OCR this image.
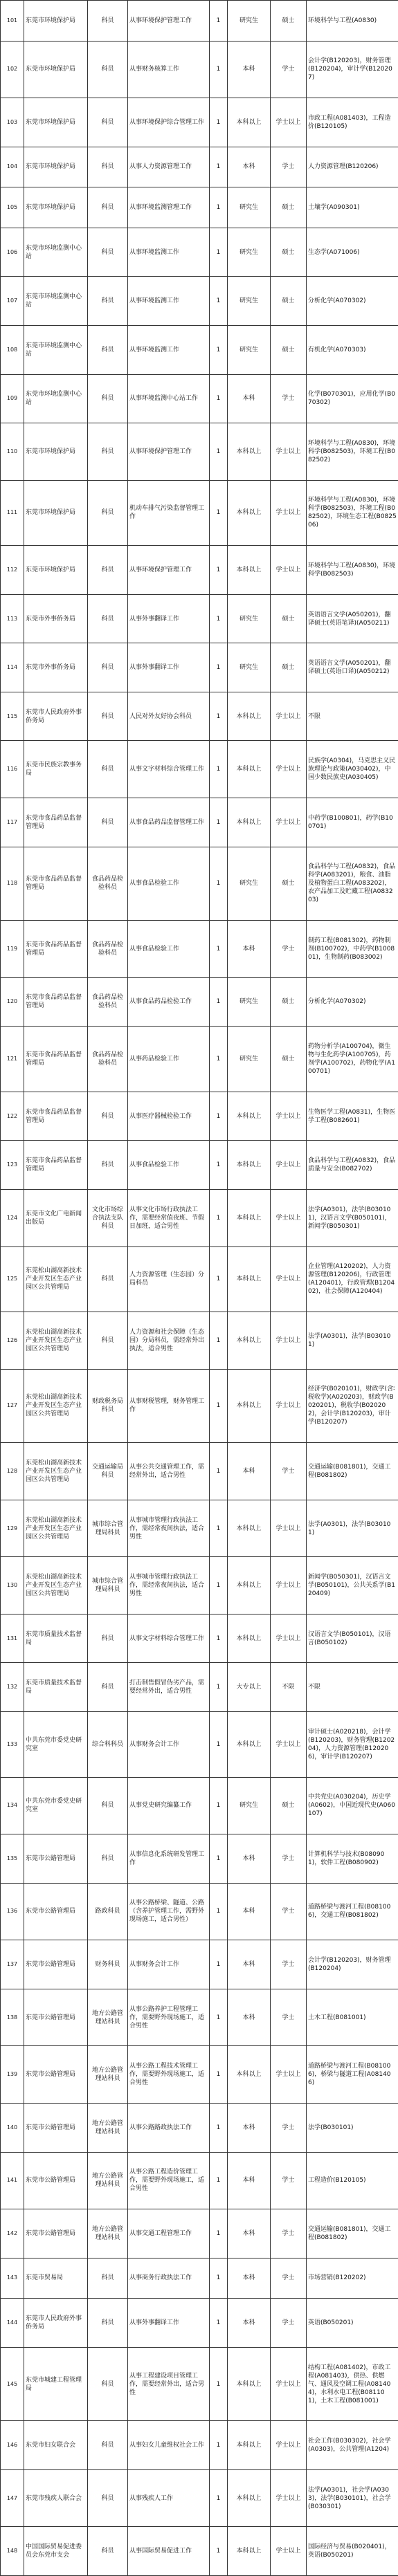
101	东莞市环境保护局	科员	从事环境保护管理工作	1	研究生	硕士	环境科学与工程(A0830)
102	东莞市环境保护局	科员	从事财务核算工作	1	本科	学士	会计学(B120203)，财务管理(B120204)，审计学(B120207)
103	东莞市环境保护局	科员	从事环境保护综合管理工作	1	本科以上	学士以上	市政工程(A081403)，工程造价(B120105)
104	东莞市环境保护局	科员	从事人力资源管理工作	1	本科	学士	人力资源管理(B120206)
105	东莞市环境保护局	科员	从事环境监测管理工作	1	研究生	硕士	土壤学(A090301)
106	东莞市环境监测中心站	科员	从事环境监测工作	1	研究生	硕士	生态学(A071006)
107	东莞市环境监测中心站	科员	从事环境监测工作	1	研究生	硕士	分析化学(A070302)
108	东莞市环境监测中心站	科员	从事环境监测工作	1	研究生	硕士	有机化学(A070303)
109	东莞市环境监测中心站	科员	从事环境监测中心站工作	1	本科	学士	化学(B070301)，应用化学(B070302)
110	东莞市环境保护局	科员	从事环境保护管理工作	1	本科以上	学士以上	环境科学与工程(A0830)，环境科学(B082503)，环境工程(B082502)
111	东莞市环境保护局	科员	机动车排气污染监督管理工作	1	本科以上	学士以上	环境科学与工程(A0830)，环境科学(B082503)，环境工程(B082502)，环境生态工程(B082506)
112	东莞市环境保护局	科员	从事环境保护管理工作	1	本科以上	学士以上	环境科学与工程(A0830)，环境科学(B082503)
113	东莞市外事侨务局	科员	从事外事翻译工作	1	研究生	硕士	英语语言文学(A050201)，翻译硕士(英语笔译)(A050211)
114	东莞市外事侨务局	科员	从事外事翻译工作	1	研究生	硕士	英语语言文学(A050201)，翻译硕士(英语口译)(A050212)
115	东莞市人民政府外事侨务局	科员	人民对外友好协会科员	1	本科以上	学士以上	不限
116	东莞市民族宗教事务局	科员	从事文字材料综合管理工作	1	本科以上	学士以上	民族学(A0304)，马克思主义民族理论与政策(A030402)，中国少数民族史(A030405)
117	东莞市食品药品监督管理局	科员	从事食品药品监督管理工作	1	本科以上	学士以上	中药学(B100801)，药学(B100701)
118	东莞市食品药品监督管理局	食品药品检验科员	从事食品检验工作	1	研究生	硕士	食品科学与工程(A0832)，食品科学(A083201)，粮食、油脂及植物蛋白工程(A083202)，农产品加工及贮藏工程(A083203)
119	东莞市食品药品监督管理局	食品药品检验科员	从事食品检验工作	1	本科	学士	制药工程(B081302)，药物制剂(B100702)，中药学(B100801)，生物制药(B083002)
120	东莞市食品药品监督管理局	食品药品检验科员	从事食品药品检验工作	1	研究生	硕士	分析化学(A070302)
121	东莞市食品药品监督管理局	食品药品检验科员	从事药品检验工作	1	研究生	硕士	药物分析学(A100704)，微生物与生化药学(A100705)，药剂学(A100702)，药物化学(A100701)
122	东莞市食品药品监督管理局	科员	从事医疗器械检验工作	1	本科以上	学士以上	生物医学工程(A0831)，生物医学工程(B082601)
123	东莞市食品药品监督管理局	科员	从事食品检验工作	1	本科以上	学士以上	食品科学与工程(A0832)，食品质量与安全(B082702)
124	东莞市文化广电新闻出版局	文化市场综合执法支队科员	从事文化市场行政执法工作，需要经常值夜班、节假日加班，适合男性	1	本科以上	学士以上	法学(A0301)，法学(B030101)，汉语言文学(B050101)，新闻学(B050301)
125	东莞松山湖高新技术产业开发区生态产业园区公共管理局	科员	人力资源管理（生态园）分局科员	1	本科以上	学士以上	企业管理(A120202)，人力资源管理(B120206)，行政管理(A120401)，行政管理(B120402)，社会保障(A120404)
126	东莞松山湖高新技术产业开发区生态产业园区公共管理局	科员	人力资源和社会保障（生态园）分局科员，需经常外出执法，适合男性	1	本科以上	学士以上	法学(A0301)，法学(B030101)
127	东莞松山湖高新技术产业开发区生态产业园区公共管理局	财政税务局科员	从事财税管理，财务管理工作	1	本科以上	学士以上	经济学(B020101)，财政学(含∶税收学)(A020203)，财政学(B020201)，税收学(B020202)，会计学(B120203)，审计学(B120207)
128	东莞松山湖高新技术产业开发区生态产业园区公共管理局	交通运输局科员	从事公共交通管理工作，需经常外出，适合男性	1	本科	学士	交通运输(B081801)，交通工程(B081802)
129	东莞松山湖高新技术产业开发区生态产业园区公共管理局	城市综合管理局科员	从事城市管理行政执法工作，需经常夜间执法，适合男性	1	本科以上	学士以上	法学(A0301)，法学(B030101)
130	东莞松山湖高新技术产业开发区生态产业园区公共管理局	城市综合管理局科员	从事城市管理行政执法工作，需经常夜间执法，适合男性	1	本科以上	学士以上	新闻学(B050301)，汉语言文学(B050101)，公共关系学(B120409)
131	东莞市质量技术监督局	科员	从事文字材料综合管理工作	1	本科以上	学士以上	汉语言文学(B050101)，汉语言(B050102)
132	东莞市质量技术监督局	科员	打击制售假冒伪劣产品，需要经常外出，适合男性	1	大专以上	不限	不限
133	中共东莞市委党史研究室	综合科科员	从事财务会计工作	1	本科以上	学士以上	审计硕士(A020218)，会计学(B120203)，财务管理(B120204)，人力资源管理(B120206)，审计学(B120207)
134	中共东莞市委党史研究室	科员	从事党史研究编纂工作	1	研究生	硕士	中共党史(A030204)，历史学(A0602)，中国近现代史(A060107)
135	东莞市公路管理局	科员	从事信息化系统研发管理工作	1	本科	学士	计算机科学与技术(B080901)，软件工程(B080902)
136	东莞市公路管理局	路政科员	从事公路桥梁、隧道、公路（含养护管理工作，需野外现场施工，适合男性）	1	本科	学士	道路桥梁与渡河工程(B081006)，交通工程(B081802)
137	东莞市公路管理局	财务科员	从事财务会计工作	1	本科	学士	会计学(B120203)，财务管理(B120204)
138	东莞市公路管理局	地方公路管理站科员	从事公路养护工程管理工作，需要野外现场施工，适合男性	1	本科	学士	土木工程(B081001)
139	东莞市公路管理局	地方公路管理站科员	从事公路工程技术管理工作，需要野外现场施工，适合男性	1	本科以上	学士以上	道路桥梁与渡河工程(B081006)，桥梁与隧道工程(A081406)
140	东莞市公路管理局	地方公路管理站科员	从事公路路政执法工作	1	本科	学士	法学(B030101)
141	东莞市公路管理局	地方公路管理站科员	从事公路工程造价管理工作，需要野外现场施工，适合男性	1	本科	学士	工程造价(B120105)
142	东莞市公路管理局	地方公路管理站科员	从事交通工程管理工作	1	本科	学士	交通运输(B081801)，交通工程(B081802)
143	东莞市贸易局	科员	从事商务行政执法工作	1	本科	学士	市场营销(B120202)
144	东莞市人民政府外事侨务局	科员	从事外事翻译工作	1	本科	学士	英语(B050201)
145	东莞市城建工程管理局	科员	从事工程建设项目管理工作，需要经常外出，适合男性	1	本科以上	学士以上	结构工程(A081402)，市政工程(A081403)，供热、供燃气、通风及空调工程(A081404)，水利水电工程(B081101)，土木工程(B081001)
146	东莞市妇女联合会	科员	从事妇女儿童维权社会工作	1	本科以上	学士以上	社会工作(B030302)，社会学(A0303)，公共管理(A1204)
147	东莞市残疾人联合会	科员	从事残疾人工作	1	本科以上	学士以上	法学(A0301)，社会学(A0303)，法学(B030101)，社会学(B030301)
148	中国国际贸易促进委员会东莞市支会	科员	从事国际贸易促进工作	1	本科以上	学士以上	国际经济与贸易(B020401)，英语(B050201)
